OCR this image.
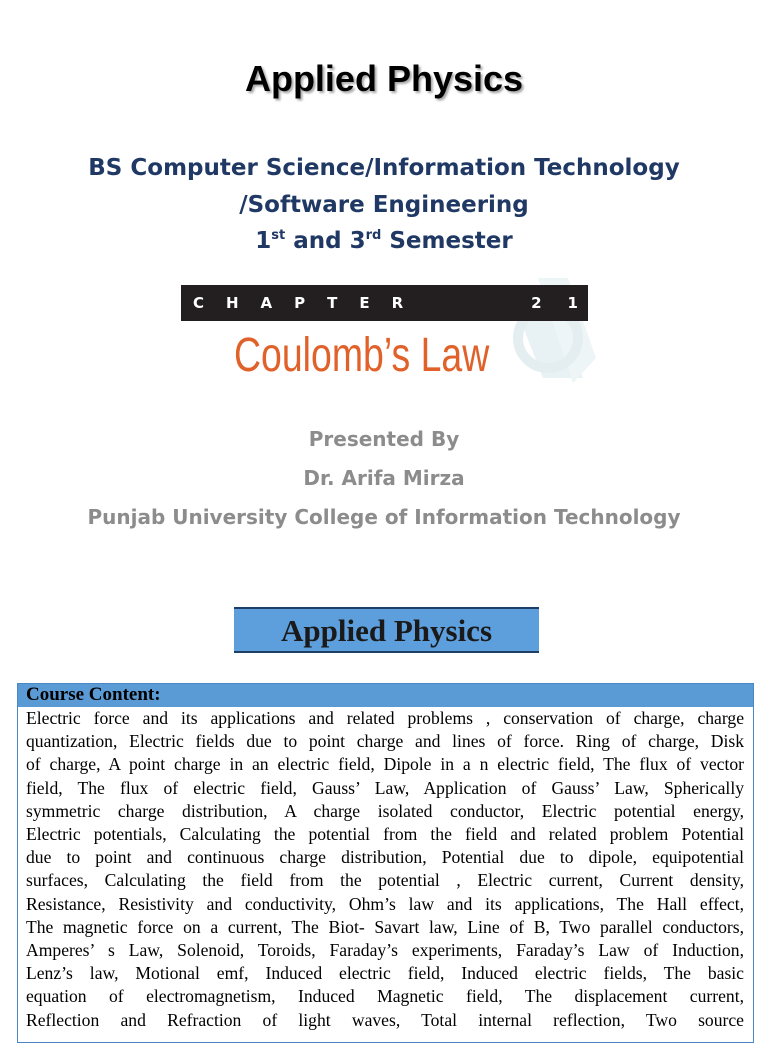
Applied Physics
BS Computer Science/Information Technology
/Software Engineering
1st and 3rd Semester
CHAPTER	21
Coulomb’s Law
Presented By
Dr. Arifa Mirza
Punjab University College of Information Technology
Applied Physics
Course Content:
Electric force and its applications and related problems , conservation of charge, charge
quantization, Electric fields due to point charge and lines of force. Ring of charge, Disk
of charge, A point charge in an electric field, Dipole in a n electric field, The flux of vector
field, The flux of electric field, Gauss’ Law, Application of Gauss’ Law, Spherically
symmetric charge distribution, A charge isolated conductor, Electric potential energy,
Electric potentials, Calculating the potential from the field and related problem Potential
due to point and continuous charge distribution, Potential due to dipole, equipotential
surfaces, Calculating the field from the potential , Electric current, Current density,
Resistance, Resistivity and conductivity, Ohm’s law and its applications, The Hall effect,
The magnetic force on a current, The Biot- Savart law, Line of B, Two parallel conductors,
Amperes’ s Law, Solenoid, Toroids, Faraday’s experiments, Faraday’s Law of Induction,
Lenz’s law, Motional emf, Induced electric field, Induced electric fields, The basic
equation of electromagnetism, Induced Magnetic field, The displacement current,
Reflection and Refraction of light waves, Total internal reflection, Two source
